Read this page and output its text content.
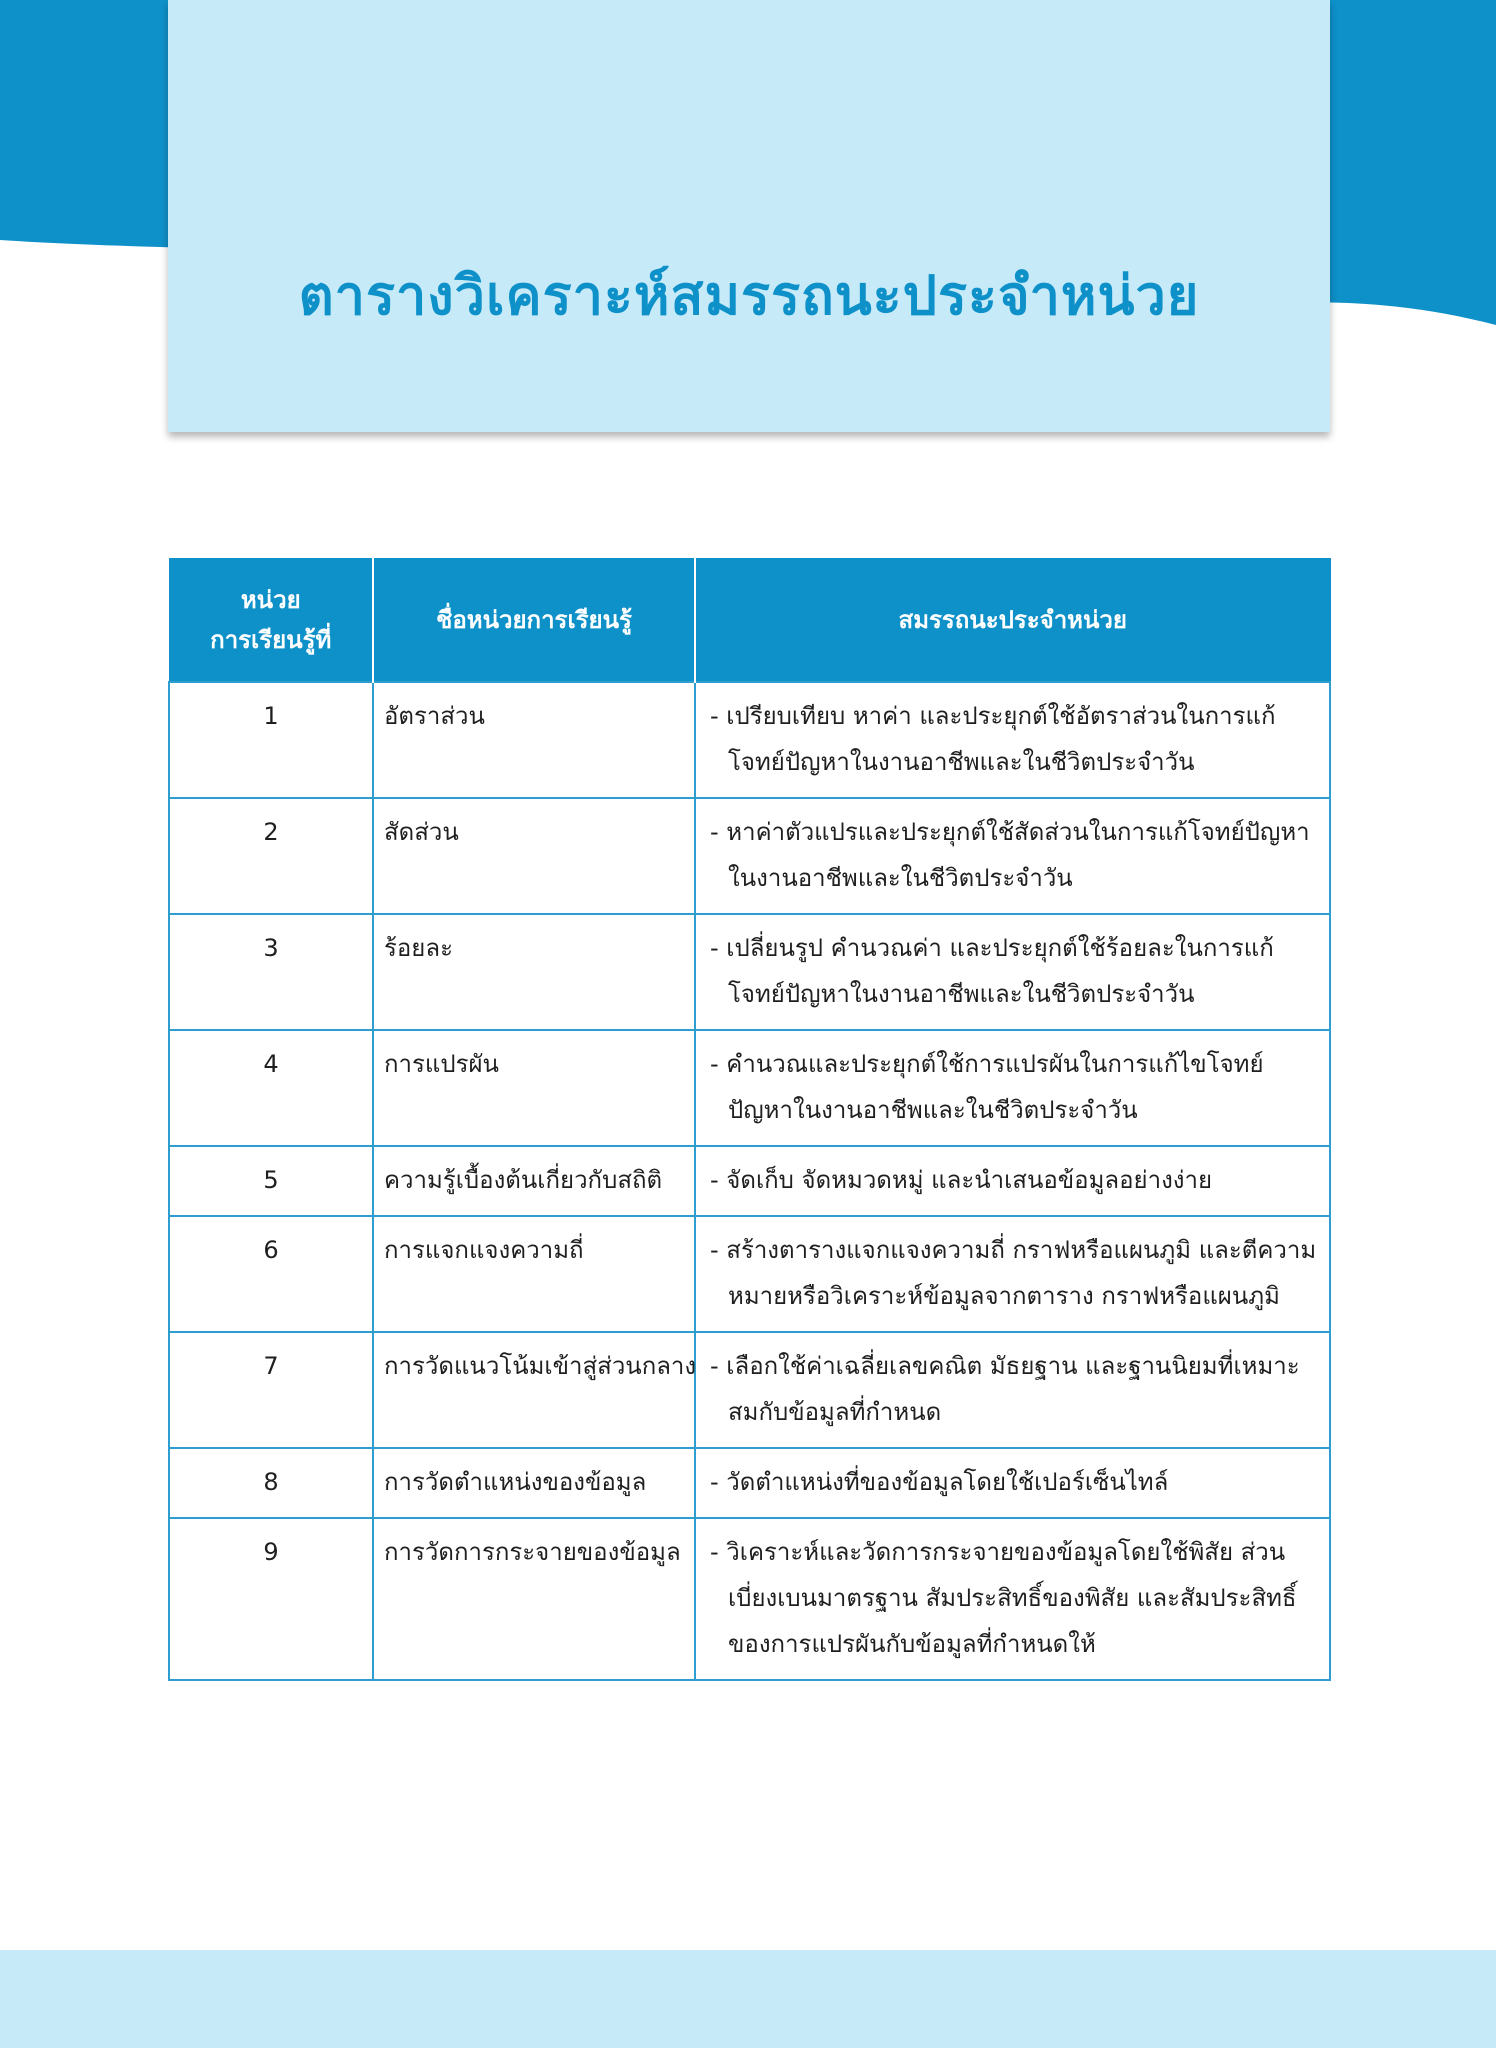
ตารางวิเคราะห์สมรรถนะประจำหน่วย
หน่วย
การเรียนรู้ที่	ชื่อหน่วยการเรียนรู้	สมรรถนะประจำหน่วย
1	อัตราส่วน	- เปรียบเทียบ หาค่า และประยุกต์ใช้อัตราส่วนในการแก้โจทย์ปัญหาในงานอาชีพและในชีวิตประจำวัน
2	สัดส่วน	- หาค่าตัวแปรและประยุกต์ใช้สัดส่วนในการแก้โจทย์ปัญหาในงานอาชีพและในชีวิตประจำวัน
3	ร้อยละ	- เปลี่ยนรูป คำนวณค่า และประยุกต์ใช้ร้อยละในการแก้โจทย์ปัญหาในงานอาชีพและในชีวิตประจำวัน
4	การแปรผัน	- คำนวณและประยุกต์ใช้การแปรผันในการแก้ไขโจทย์ปัญหาในงานอาชีพและในชีวิตประจำวัน
5	ความรู้เบื้องต้นเกี่ยวกับสถิติ	- จัดเก็บ จัดหมวดหมู่ และนำเสนอข้อมูลอย่างง่าย
6	การแจกแจงความถี่	- สร้างตารางแจกแจงความถี่ กราฟหรือแผนภูมิ และตีความหมายหรือวิเคราะห์ข้อมูลจากตาราง กราฟหรือแผนภูมิ
7	การวัดแนวโน้มเข้าสู่ส่วนกลาง	- เลือกใช้ค่าเฉลี่ยเลขคณิต มัธยฐาน และฐานนิยมที่เหมาะสมกับข้อมูลที่กำหนด
8	การวัดตำแหน่งของข้อมูล	- วัดตำแหน่งที่ของข้อมูลโดยใช้เปอร์เซ็นไทล์
9	การวัดการกระจายของข้อมูล	- วิเคราะห์และวัดการกระจายของข้อมูลโดยใช้พิสัย ส่วนเบี่ยงเบนมาตรฐาน สัมประสิทธิ์ของพิสัย และสัมประสิทธิ์ของการแปรผันกับข้อมูลที่กำหนดให้
